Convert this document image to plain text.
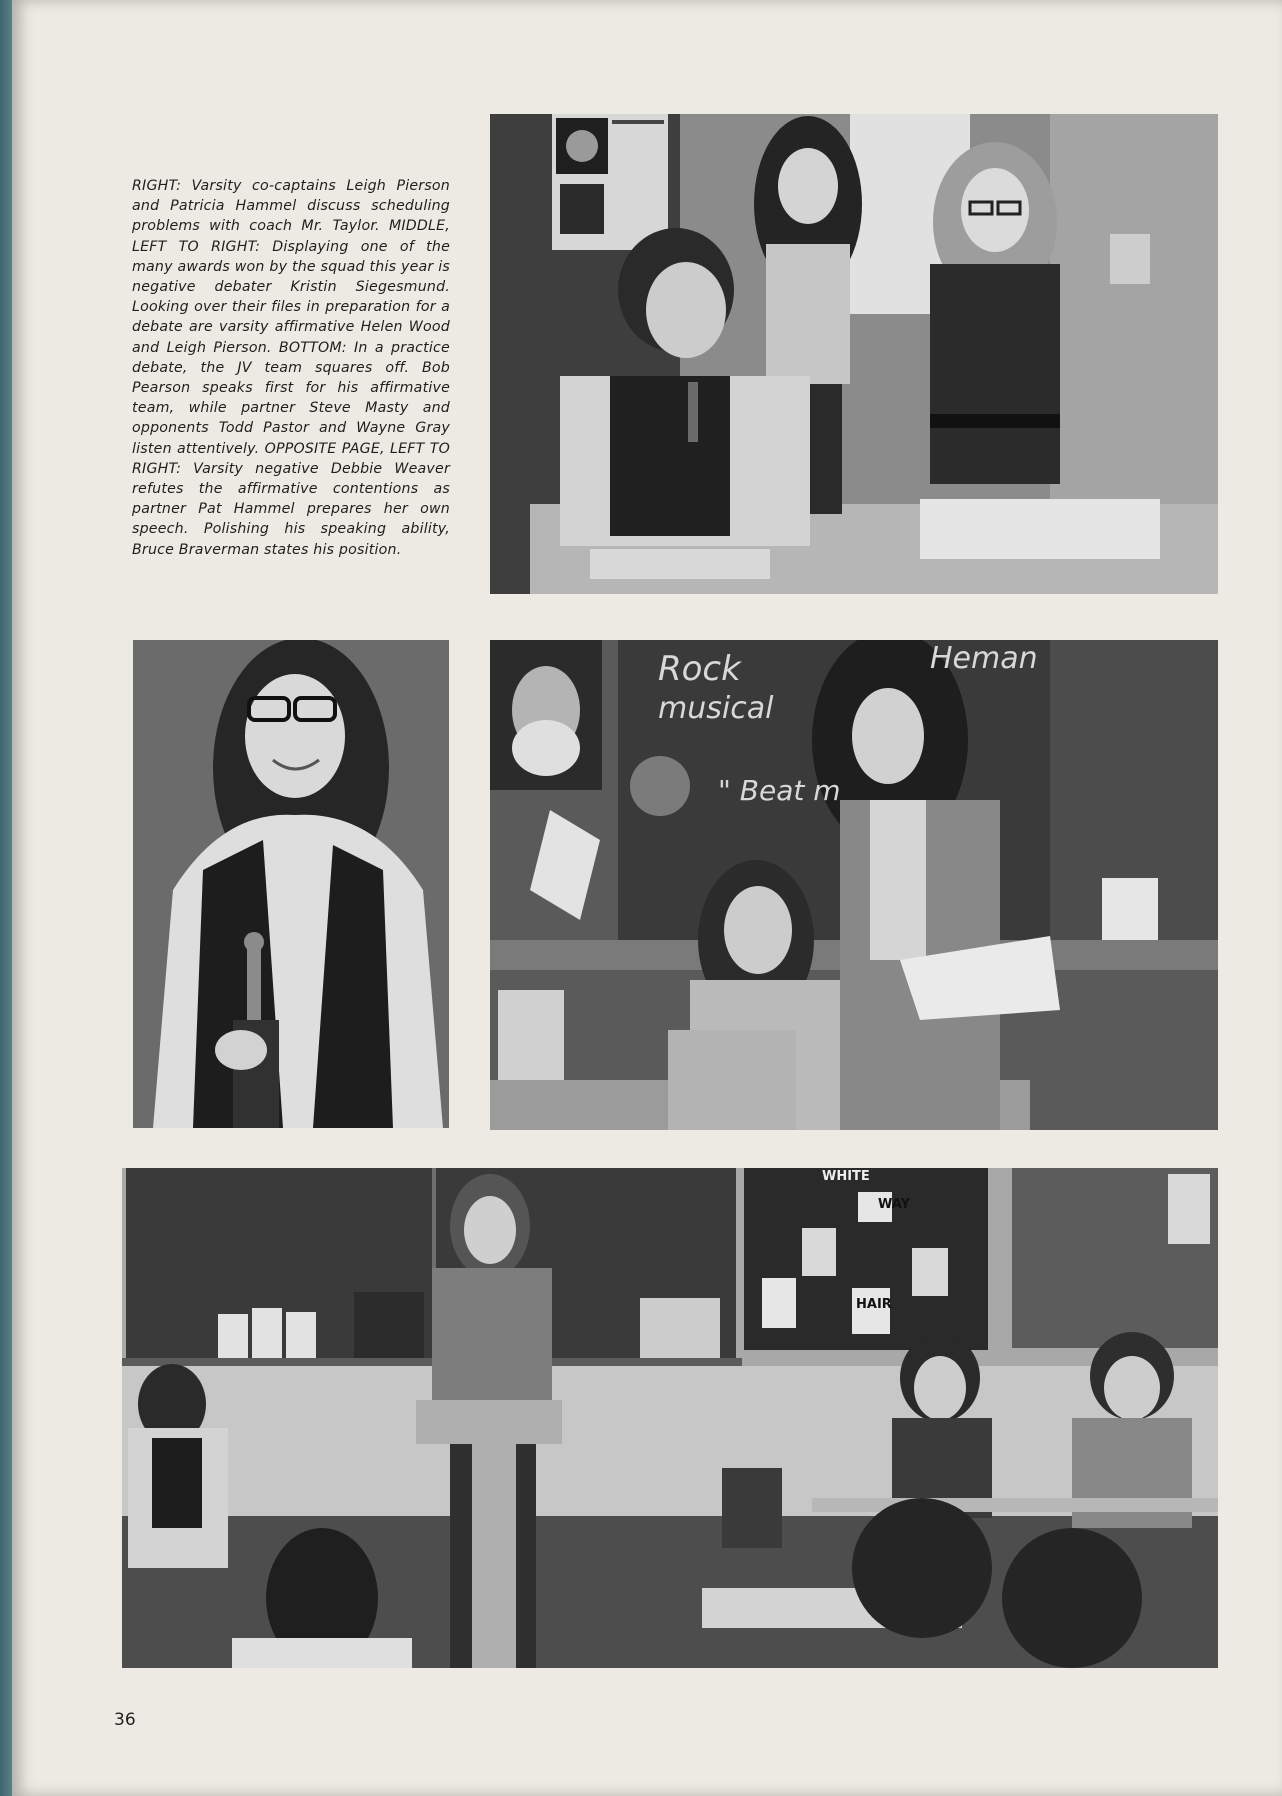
RIGHT: Varsity co-captains Leigh Pierson and Patricia Hammel discuss scheduling problems with coach Mr. Taylor. MIDDLE, LEFT TO RIGHT: Displaying one of the many awards won by the squad this year is negative debater Kristin Siegesmund. Looking over their files in preparation for a debate are varsity affirmative Helen Wood and Leigh Pierson. BOTTOM: In a practice debate, the JV team squares off. Bob Pearson speaks first for his affirmative team, while partner Steve Masty and opponents Todd Pastor and Wayne Gray listen attentively. OPPOSITE PAGE, LEFT TO RIGHT: Varsity negative Debbie Weaver refutes the affirmative contentions as partner Pat Hammel prepares her own speech. Polishing his speaking ability, Bruce Braverman states his position.
Rock
musical
" Beat m
Heman
WHITE
WAY
HAIR
36
